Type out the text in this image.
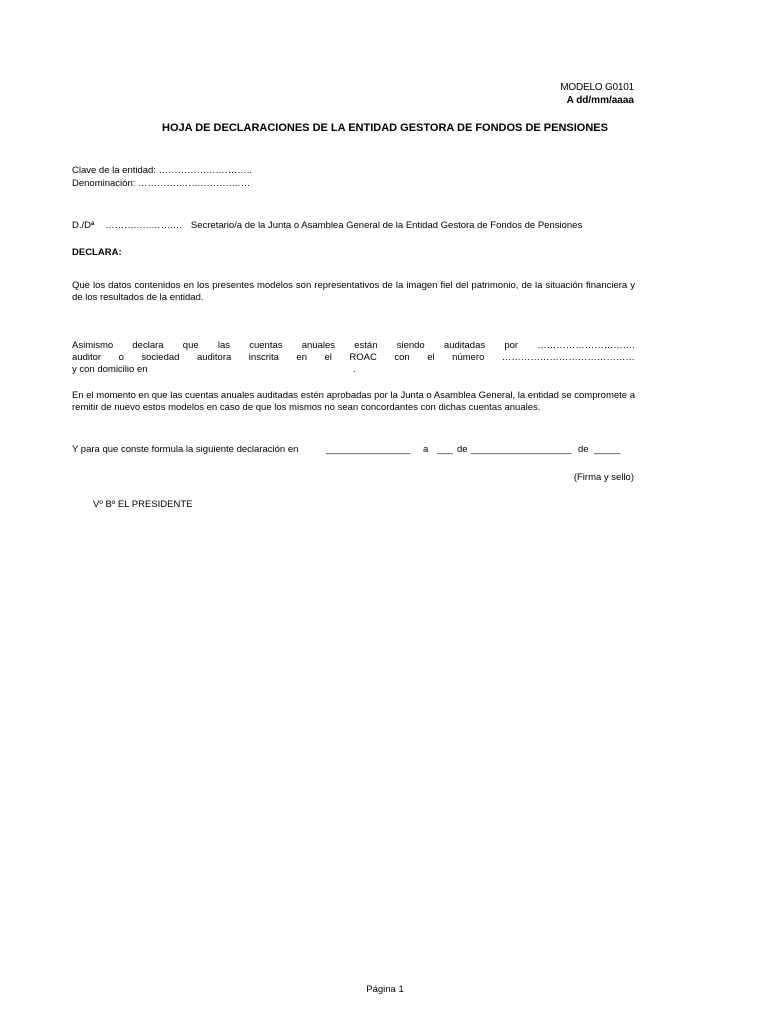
MODELO G0101
A dd/mm/aaaa
HOJA DE DECLARACIONES DE LA ENTIDAD GESTORA DE FONDOS DE PENSIONES
Clave de la entidad: ……………….………..
Denominación: ………….…….……….……
D./Dª ……….…..…….… Secretario/a de la Junta o Asamblea General de la Entidad Gestora de Fondos de Pensiones
DECLARA:
Que los datos contenidos en los presentes modelos son representativos de la imagen fiel del patrimonio, de la situación financiera y de los resultados de la entidad.
Asimismo declara que las cuentas anuales están siendo auditadas por ………………………….
auditor o sociedad auditora inscrita en el ROAC con el número ……………………………………
y con domicilio en	.
En el momento en que las cuentas anuales auditadas estén aprobadas por la Junta o Asamblea General, la entidad se compromete a remitir de nuevo estos modelos en caso de que los mismos no sean concordantes con dichas cuentas anuales.
Y para que conste formula la siguiente declaración en	________________ a ___ de ___________________ de _____
(Firma y sello)
Vº Bº EL PRESIDENTE
Página 1
